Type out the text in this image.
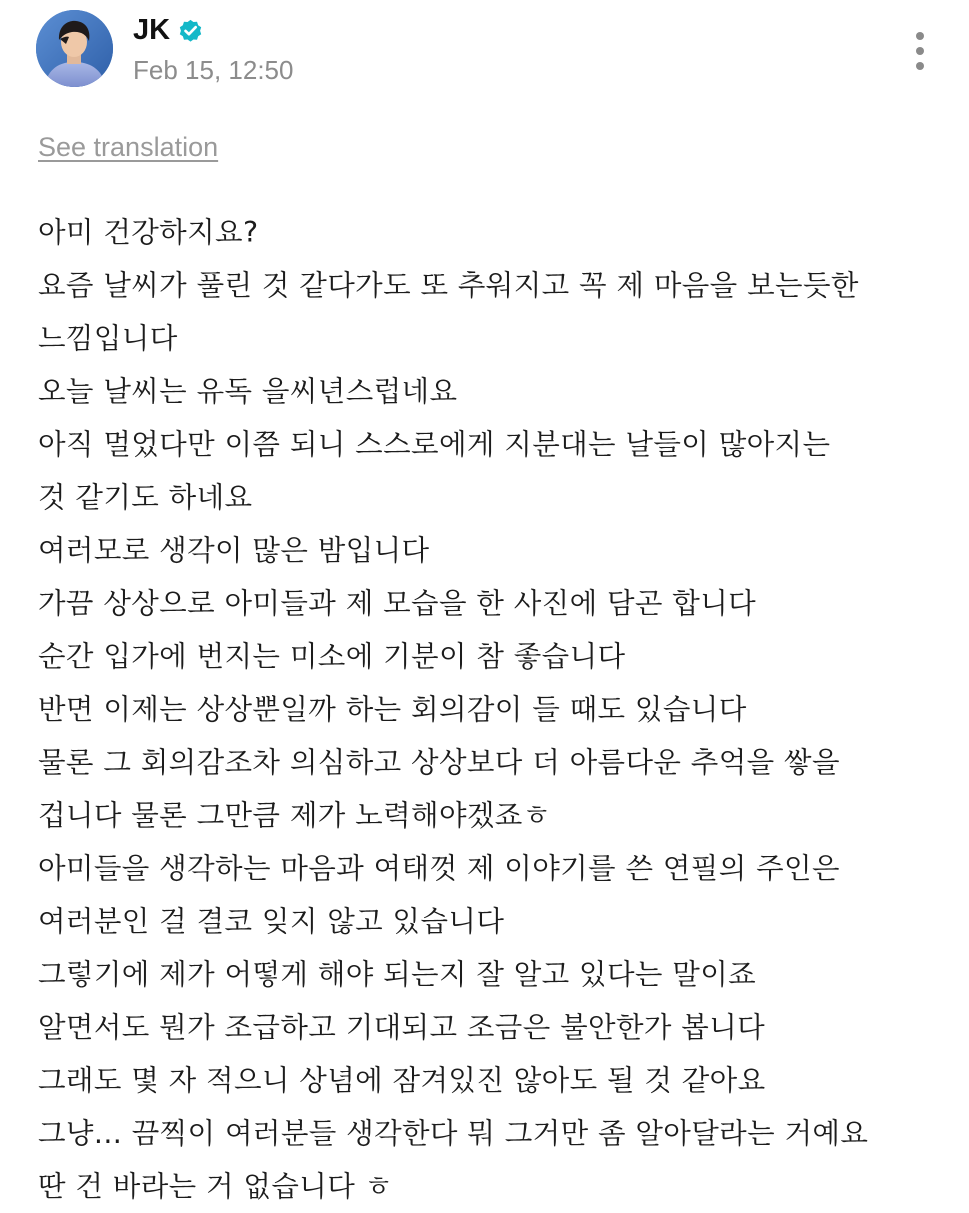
JK
Feb 15, 12:50
See translation
아미 건강하지요?
요즘 날씨가 풀린 것 같다가도 또 추워지고 꼭 제 마음을 보는듯한
느낌입니다
오늘 날씨는 유독 을씨년스럽네요
아직 멀었다만 이쯤 되니 스스로에게 지분대는 날들이 많아지는
것 같기도 하네요
여러모로 생각이 많은 밤입니다
가끔 상상으로 아미들과 제 모습을 한 사진에 담곤 합니다
순간 입가에 번지는 미소에 기분이 참 좋습니다
반면 이제는 상상뿐일까 하는 회의감이 들 때도 있습니다
물론 그 회의감조차 의심하고 상상보다 더 아름다운 추억을 쌓을
겁니다 물론 그만큼 제가 노력해야겠죠ㅎ
아미들을 생각하는 마음과 여태껏 제 이야기를 쓴 연필의 주인은
여러분인 걸 결코 잊지 않고 있습니다
그렇기에 제가 어떻게 해야 되는지 잘 알고 있다는 말이죠
알면서도 뭔가 조급하고 기대되고 조금은 불안한가 봅니다
그래도 몇 자 적으니 상념에 잠겨있진 않아도 될 것 같아요
그냥... 끔찍이 여러분들 생각한다 뭐 그거만 좀 알아달라는 거예요
딴 건 바라는 거 없습니다 ㅎ
